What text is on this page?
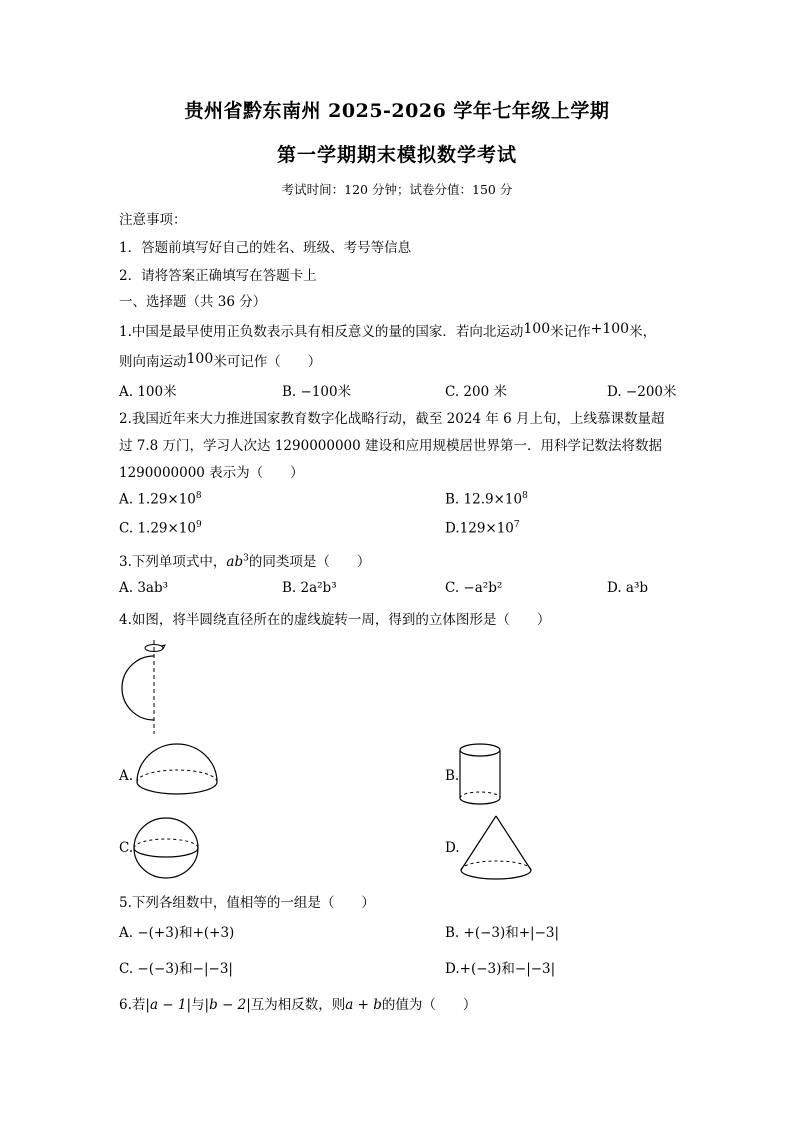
贵州省黔东南州 2025-2026 学年七年级上学期
第一学期期末模拟数学考试
考试时间：120 分钟；试卷分值：150 分
注意事项：
1．答题前填写好自己的姓名、班级、考号等信息
2．请将答案正确填写在答题卡上
一、选择题（共 36 分）
1.中国是最早使用正负数表示具有相反意义的量的国家．若向北运动100米记作+100米，
则向南运动100米可记作（　　）
A. 100米	B. −100米	C. 200 米	D. −200米
2.我国近年来大力推进国家教育数字化战略行动，截至 2024 年 6 月上旬，上线慕课数量超
过 7.8 万门，学习人次达 1290000000 建设和应用规模居世界第一．用科学记数法将数据
1290000000 表示为（　　）
A. $1.29\times 10^8$	B. $12.9\times 10^8$
C. $1.29\times 10^9$	$D.129\times 10^7$
3.下列单项式中，$ab^3$的同类项是（　　）
A. 3ab³	B. 2a²b³	C. −a²b²	D. a³b
4.如图，将半圆绕直径所在的虚线旋转一周，得到的立体图形是（　　）
A.	B.
C.	D.
5.下列各组数中，值相等的一组是（　　）
A. −(+3)和+(+3)	B. +(−3)和+|−3|
C. −(−3)和−|−3|	D.+(−3)和−|−3|
6.若|a − 1|与|b − 2|互为相反数，则a + b的值为（　　）
